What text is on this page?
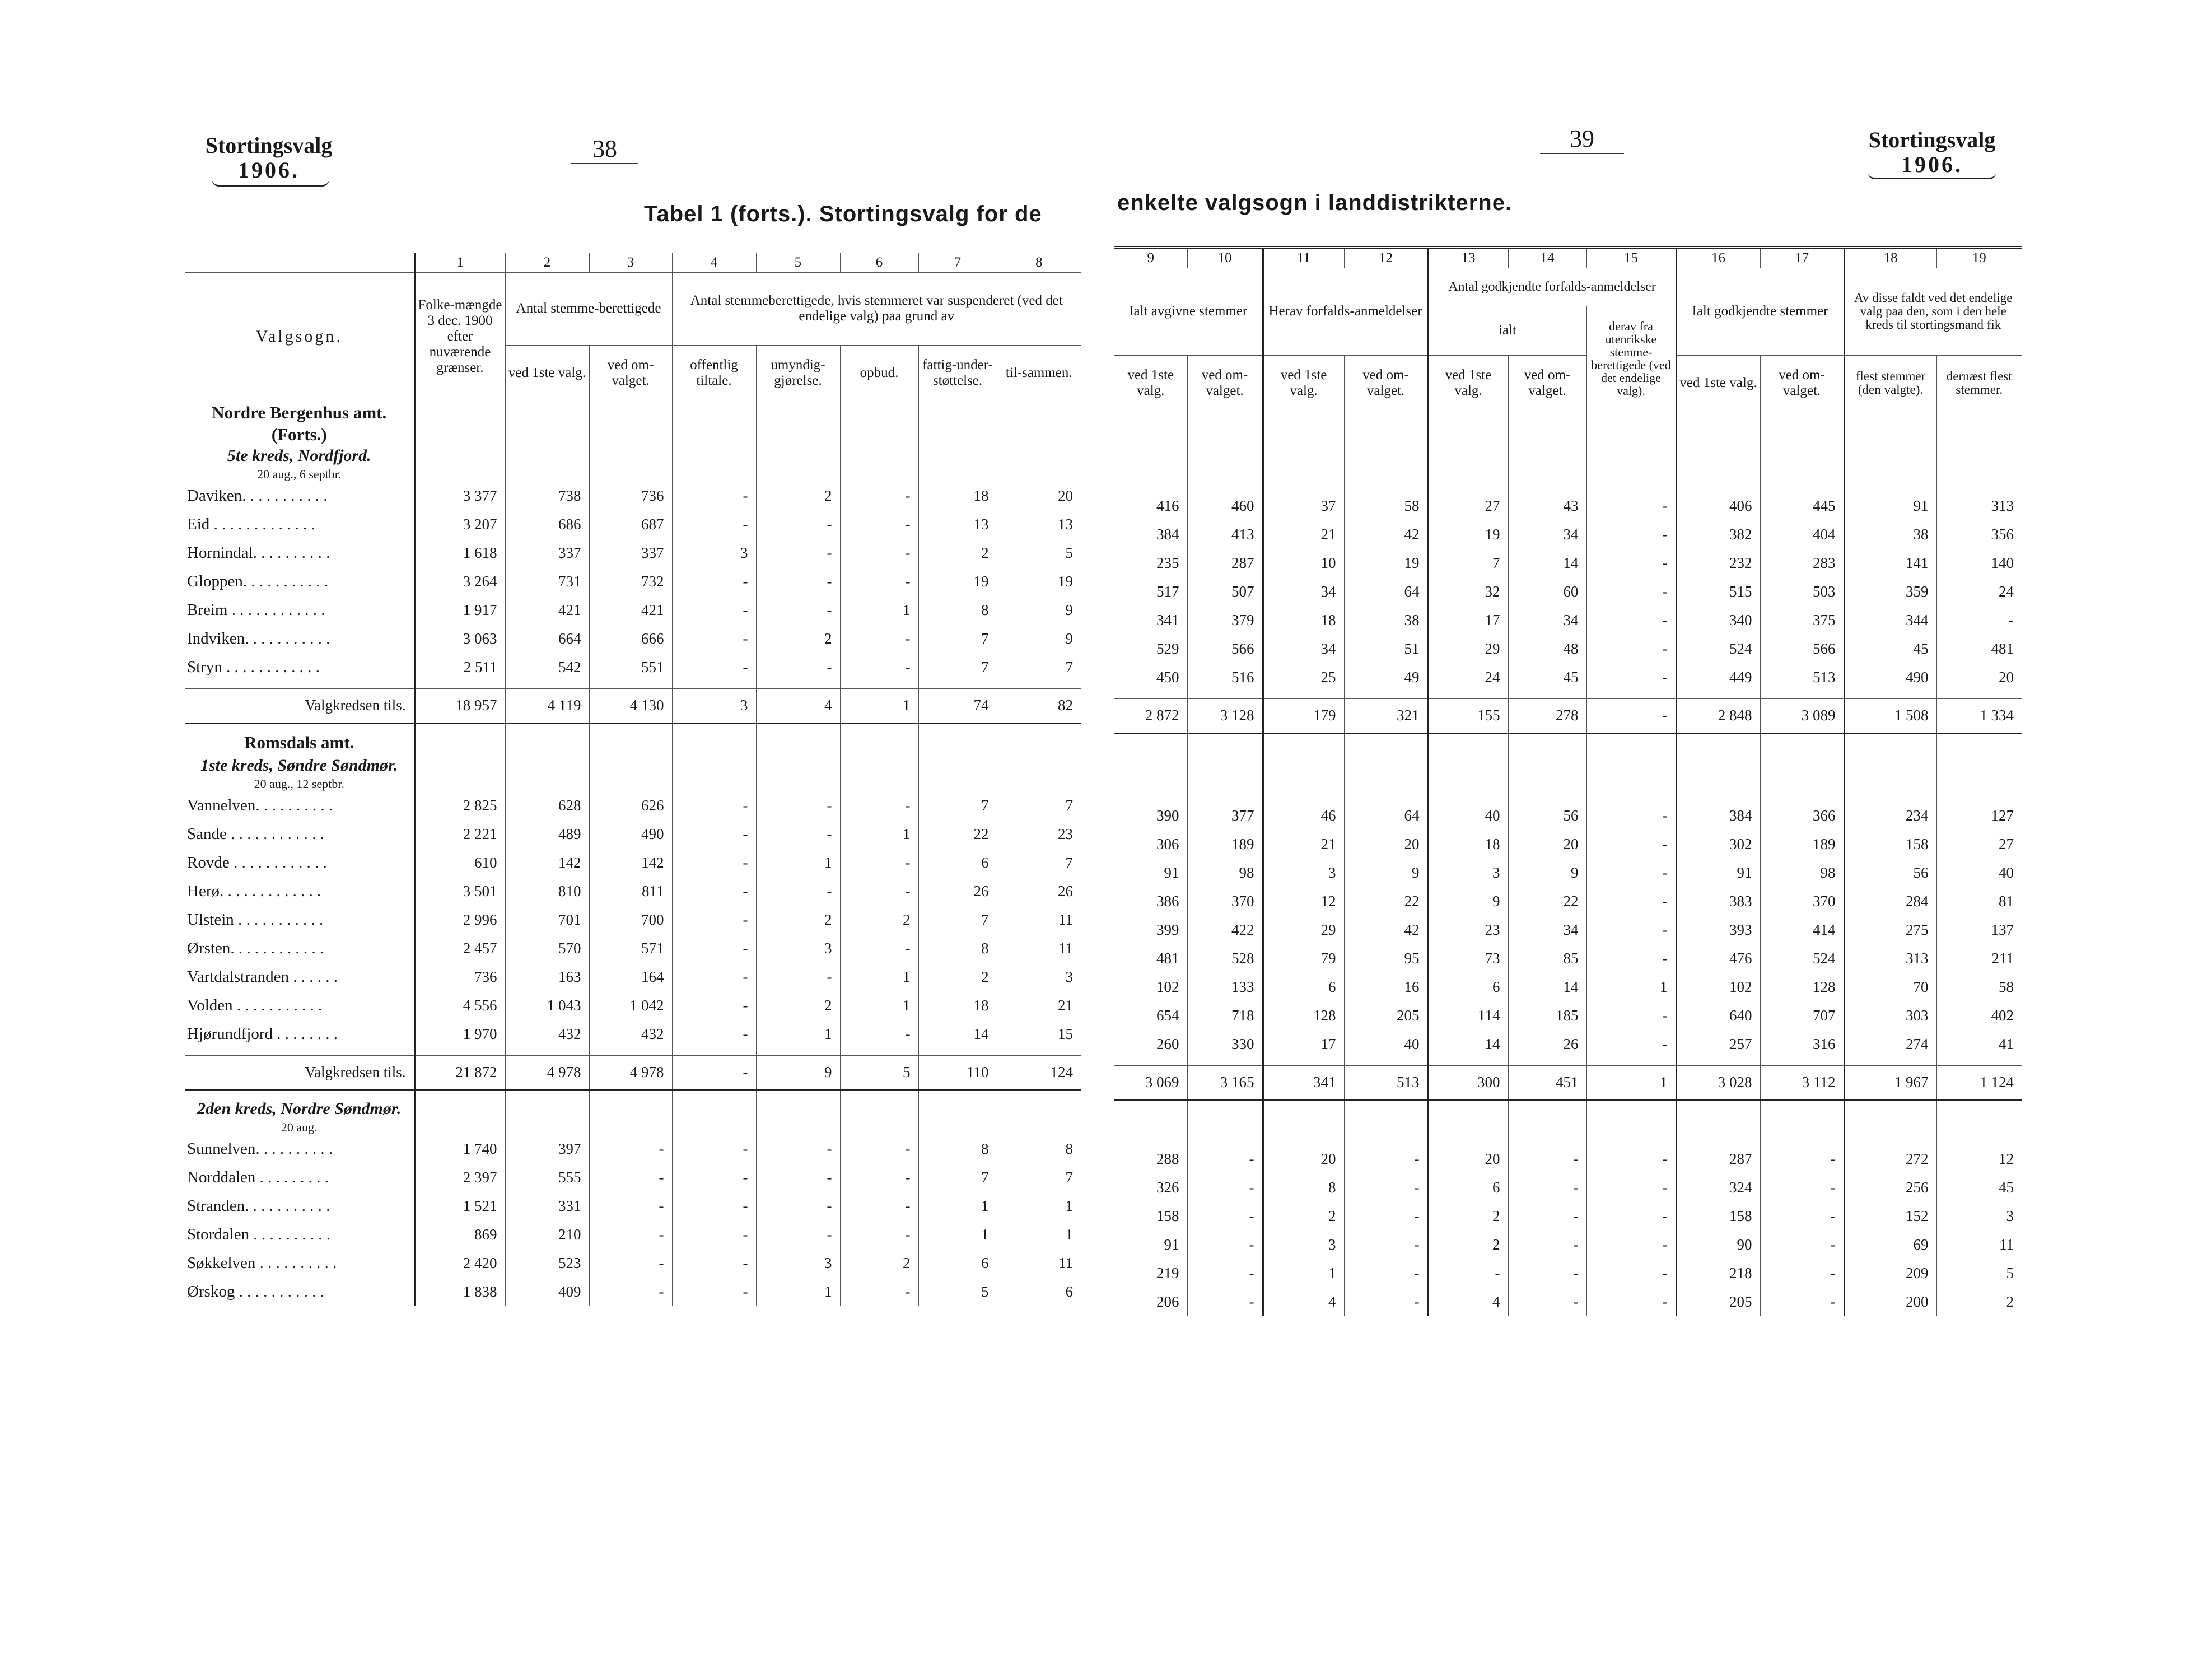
Stortingsvalg
1906.
38	39	Stortingsvalg
1906.
Tabel 1 (forts.). Stortingsvalg for de	enkelte valgsogn i landdistrikterne.
	1	2	3	4	5	6	7	8
Valgsogn.	Folke-mængde 3 dec. 1900 efter nuværende grænser.	Antal stemme-berettigede		Antal stemmeberettigede, hvis stemmeret var suspenderet (ved det endelige valg) paa grund av				
		ved 1ste valg.	ved om-valget.	offentlig tiltale.	umyndig-gjørelse.	opbud.	fattig-under-støttelse.	til-sammen.
Nordre Bergenhus amt.								
(Forts.)								
5te kreds, Nordfjord.								
20 aug., 6 septbr.								
Daviken. . . . . . . . . . .	3 377	738	736	-	2	-	18	20
Eid . . . . . . . . . . . . .	3 207	686	687	-	-	-	13	13
Hornindal. . . . . . . . . .	1 618	337	337	3	-	-	2	5
Gloppen. . . . . . . . . . .	3 264	731	732	-	-	-	19	19
Breim . . . . . . . . . . . .	1 917	421	421	-	-	1	8	9
Indviken. . . . . . . . . . .	3 063	664	666	-	2	-	7	9
Stryn . . . . . . . . . . . .	2 511	542	551	-	-	-	7	7

Valgkredsen tils.	18 957	4 119	4 130	3	4	1	74	82

Romsdals amt.								
1ste kreds, Søndre Søndmør.								
20 aug., 12 septbr.								
Vannelven. . . . . . . . . .	2 825	628	626	-	-	-	7	7
Sande . . . . . . . . . . . .	2 221	489	490	-	-	1	22	23
Rovde . . . . . . . . . . . .	610	142	142	-	1	-	6	7
Herø. . . . . . . . . . . . .	3 501	810	811	-	-	-	26	26
Ulstein . . . . . . . . . . .	2 996	701	700	-	2	2	7	11
Ørsten. . . . . . . . . . . .	2 457	570	571	-	3	-	8	11
Vartdalstranden . . . . . .	736	163	164	-	-	1	2	3
Volden . . . . . . . . . . .	4 556	1 043	1 042	-	2	1	18	21
Hjørundfjord . . . . . . . .	1 970	432	432	-	1	-	14	15

Valgkredsen tils.	21 872	4 978	4 978	-	9	5	110	124

2den kreds, Nordre Søndmør.								
20 aug.								
Sunnelven. . . . . . . . . .	1 740	397	-	-	-	-	8	8
Norddalen . . . . . . . . .	2 397	555	-	-	-	-	7	7
Stranden. . . . . . . . . . .	1 521	331	-	-	-	-	1	1
Stordalen . . . . . . . . . .	869	210	-	-	-	-	1	1
Søkkelven . . . . . . . . . .	2 420	523	-	-	3	2	6	11
Ørskog . . . . . . . . . . .	1 838	409	-	-	1	-	5	6
9	10	11	12	13	14	15	16	17	18	19
Ialt avgivne stemmer		Herav forfalds-anmeldelser		Antal godkjendte forfalds-anmeldelser			Ialt godkjendte stemmer		Av disse faldt ved det endelige valg paa den, som i den hele kreds til stortingsmand fik	
				ialt		derav fra utenrikske stemme-berettigede (ved det endelige valg).				
ved 1ste valg.	ved om-valget.	ved 1ste valg.	ved om-valget.	ved 1ste valg.	ved om-valget.		ved 1ste valg.	ved om-valget.	flest stemmer (den valgte).	dernæst flest stemmer.

416	460	37	58	27	43	-	406	445	91	313
384	413	21	42	19	34	-	382	404	38	356
235	287	10	19	7	14	-	232	283	141	140
517	507	34	64	32	60	-	515	503	359	24
341	379	18	38	17	34	-	340	375	344	-
529	566	34	51	29	48	-	524	566	45	481
450	516	25	49	24	45	-	449	513	490	20

2 872	3 128	179	321	155	278	-	2 848	3 089	1 508	1 334

390	377	46	64	40	56	-	384	366	234	127
306	189	21	20	18	20	-	302	189	158	27
91	98	3	9	3	9	-	91	98	56	40
386	370	12	22	9	22	-	383	370	284	81
399	422	29	42	23	34	-	393	414	275	137
481	528	79	95	73	85	-	476	524	313	211
102	133	6	16	6	14	1	102	128	70	58
654	718	128	205	114	185	-	640	707	303	402
260	330	17	40	14	26	-	257	316	274	41

3 069	3 165	341	513	300	451	1	3 028	3 112	1 967	1 124

288	-	20	-	20	-	-	287	-	272	12
326	-	8	-	6	-	-	324	-	256	45
158	-	2	-	2	-	-	158	-	152	3
91	-	3	-	2	-	-	90	-	69	11
219	-	1	-	-	-	-	218	-	209	5
206	-	4	-	4	-	-	205	-	200	2
